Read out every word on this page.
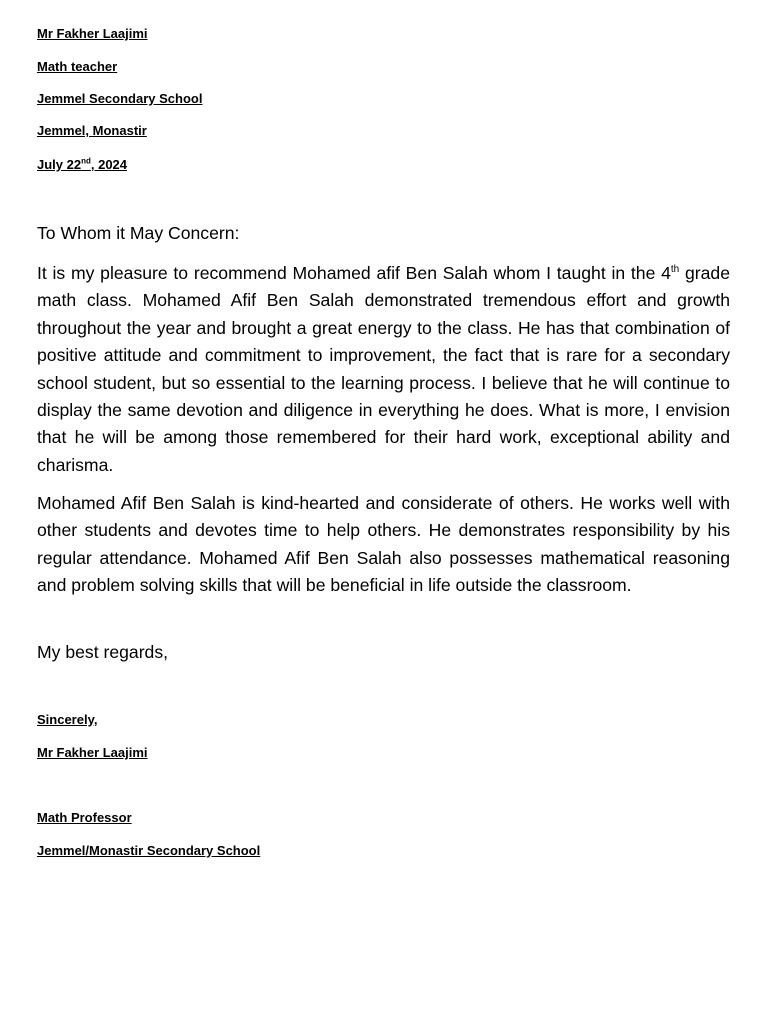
Mr Fakher Laajimi
Math teacher
Jemmel Secondary School
Jemmel, Monastir
July 22nd, 2024
To Whom it May Concern:

It is my pleasure to recommend Mohamed afif Ben Salah whom I taught in the 4th grade math class. Mohamed Afif Ben Salah demonstrated tremendous effort and growth throughout the year and brought a great energy to the class. He has that combination of positive attitude and commitment to improvement, the fact that is rare for a secondary school student, but so essential to the learning process. I believe that he will continue to display the same devotion and diligence in everything he does. What is more, I envision that he will be among those remembered for their hard work, exceptional ability and charisma.

Mohamed Afif Ben Salah is kind-hearted and considerate of others. He works well with other students and devotes time to help others. He demonstrates responsibility by his regular attendance. Mohamed Afif Ben Salah also possesses mathematical reasoning and problem solving skills that will be beneficial in life outside the classroom.

My best regards,
Sincerely,
Mr Fakher Laajimi
Math Professor
Jemmel/Monastir Secondary School
